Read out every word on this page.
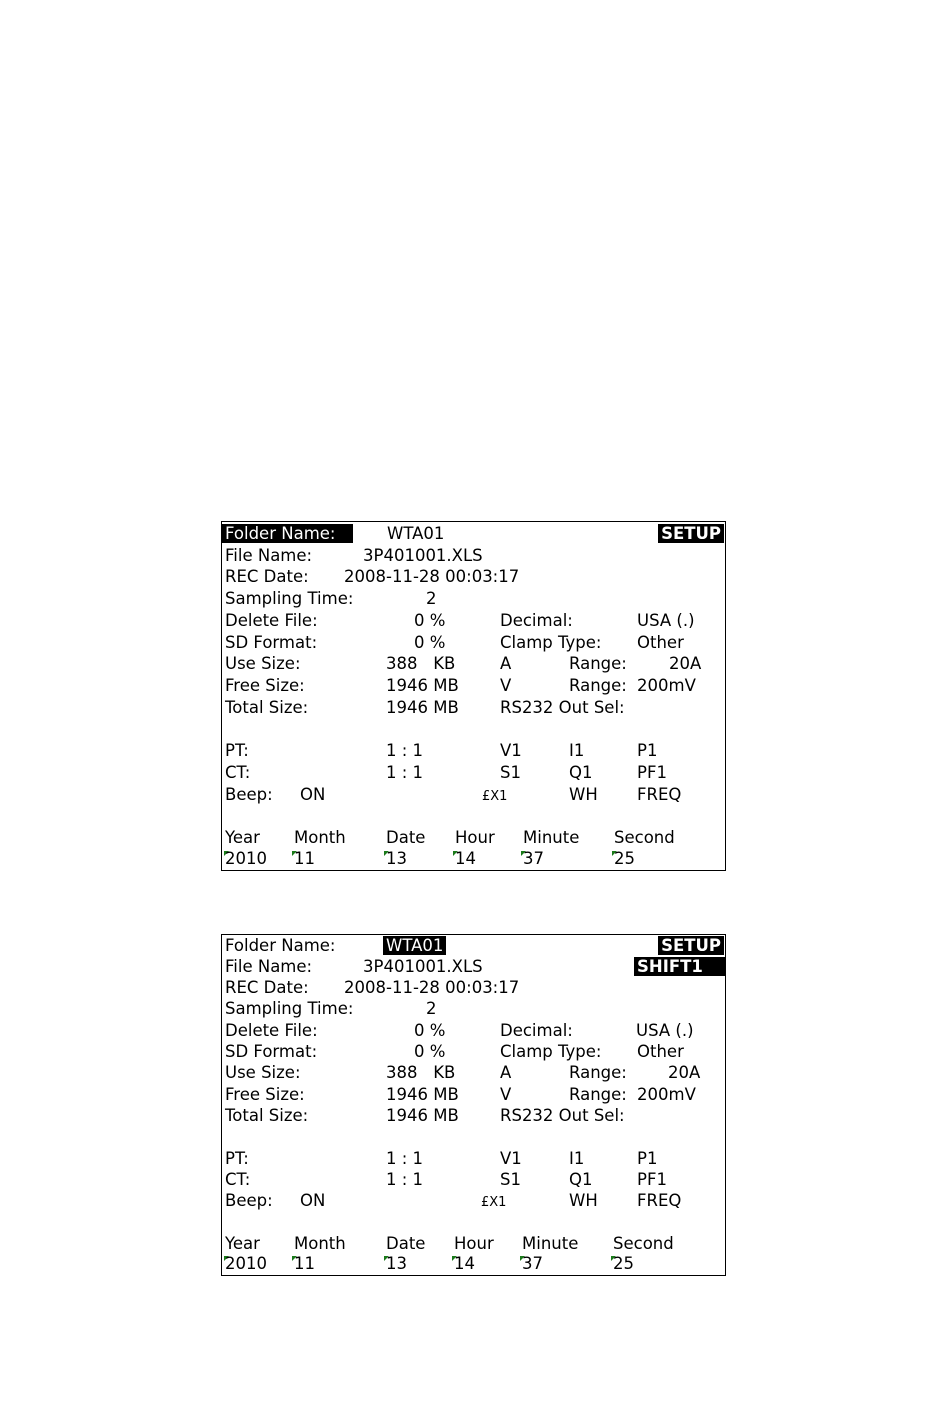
Folder Name:	WTA01	SETUP
File Name:	3P401001.XLS
REC Date: 2008-11-28 00:03:17
Sampling Time:	2
Delete File:	0 %	Decimal:	USA (.)
SD Format:	0 %	Clamp Type: Other
Use Size:	388   KB	A	Range:	20A
Free Size:	1946 MB V	Range: 200mV
Total Size:	1946 MB RS232 Out Sel:
PT:	1 : 1	V1	I1	P1
CT:	1 : 1	S1	Q1	PF1
Beep: ON	£X1	WH FREQ
Year Month Date Hour Minute Second
2010 11	13	14	37	25
Folder Name:	WTA01	SETUP
File Name:	3P401001.XLS	SHIFT1
REC Date: 2008-11-28 00:03:17
Sampling Time:	2
Delete File:	0 %	Decimal:	USA (.)
SD Format:	0 %	Clamp Type: Other
Use Size:	388   KB	A	Range: 20A
Free Size:	1946 MB V	Range: 200mV
Total Size:	1946 MB RS232 Out Sel:
PT:	1 : 1	V1	I1	P1
CT:	1 : 1	S1	Q1	PF1
Beep: ON	£X1	WH FREQ
Year Month Date Hour Minute Second
2010 11	13	14	37	25
